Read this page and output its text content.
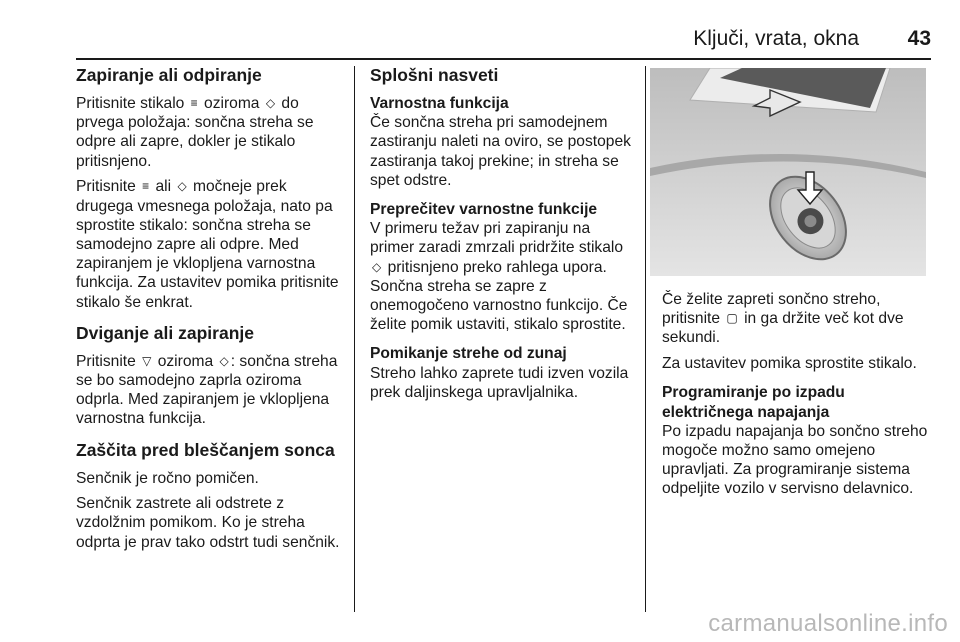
Ključi, vrata, okna 43
Zapiranje ali odpiranje

Pritisnite stikalo ≡ oziroma ◇ do prvega položaja: sončna streha se odpre ali zapre, dokler je stikalo pritisnjeno.

Pritisnite ≡ ali ◇ močneje prek drugega vmesnega položaja, nato pa sprostite stikalo: sončna streha se samodejno zapre ali odpre. Med zapiranjem je vklopljena varnostna funkcija. Za ustavitev pomika pritisnite stikalo še enkrat.

Dviganje ali zapiranje

Pritisnite ▽ oziroma ◇ : sončna streha se bo samodejno zaprla oziroma odprla. Med zapiranjem je vklopljena varnostna funkcija.

Zaščita pred bleščanjem sonca

Senčnik je ročno pomičen.

Senčnik zastrete ali odstrete z vzdolžnim pomikom. Ko je streha odprta je prav tako odstrt tudi senčnik.

Splošni nasveti
Varnostna funkcija

Če sončna streha pri samodejnem zastiranju naleti na oviro, se postopek zastiranja takoj prekine; in streha se spet odstre.

Preprečitev varnostne funkcije

V primeru težav pri zapiranju na primer zaradi zmrzali pridržite stikalo ◇ pritisnjeno preko rahlega upora. Sončna streha se zapre z onemogočeno varnostno funkcijo. Če želite pomik ustaviti, stikalo sprostite.

Pomikanje strehe od zunaj

Streho lahko zaprete tudi izven vozila prek daljinskega upravljalnika.

Če želite zapreti sončno streho, pritisnite ▢ in ga držite več kot dve sekundi.

Za ustavitev pomika sprostite stikalo.

Programiranje po izpadu električnega napajanja

Po izpadu napajanja bo sončno streho mogoče možno samo omejeno upravljati. Za programiranje sistema odpeljite vozilo v servisno delavnico.

carmanualsonline.info
